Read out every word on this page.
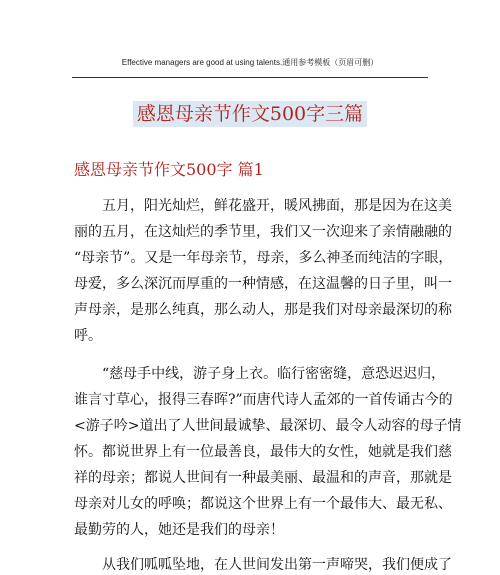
Effective managers are good at using talents.通用参考模板（页眉可删）
感恩母亲节作文500字三篇
感恩母亲节作文500字 篇1
　　五月，阳光灿烂，鲜花盛开，暖风拂面，那是因为在这美
丽的五月，在这灿烂的季节里，我们又一次迎来了亲情融融的
“母亲节”。又是一年母亲节，母亲，多么神圣而纯洁的字眼，
母爱，多么深沉而厚重的一种情感，在这温馨的日子里，叫一
声母亲，是那么纯真，那么动人，那是我们对母亲最深切的称
呼。
　　“慈母手中线，游子身上衣。临行密密缝，意恐迟迟归，
谁言寸草心，报得三春晖?”而唐代诗人孟郊的一首传诵古今的
<游子吟>道出了人世间最诚挚、最深切、最令人动容的母子情
怀。都说世界上有一位最善良，最伟大的女性，她就是我们慈
祥的母亲；都说人世间有一种最美丽、最温和的声音，那就是
母亲对儿女的呼唤；都说这个世界上有一个最伟大、最无私、
最勤劳的人，她还是我们的母亲！
　　从我们呱呱坠地，在人世间发出第一声啼哭，我们便成了
